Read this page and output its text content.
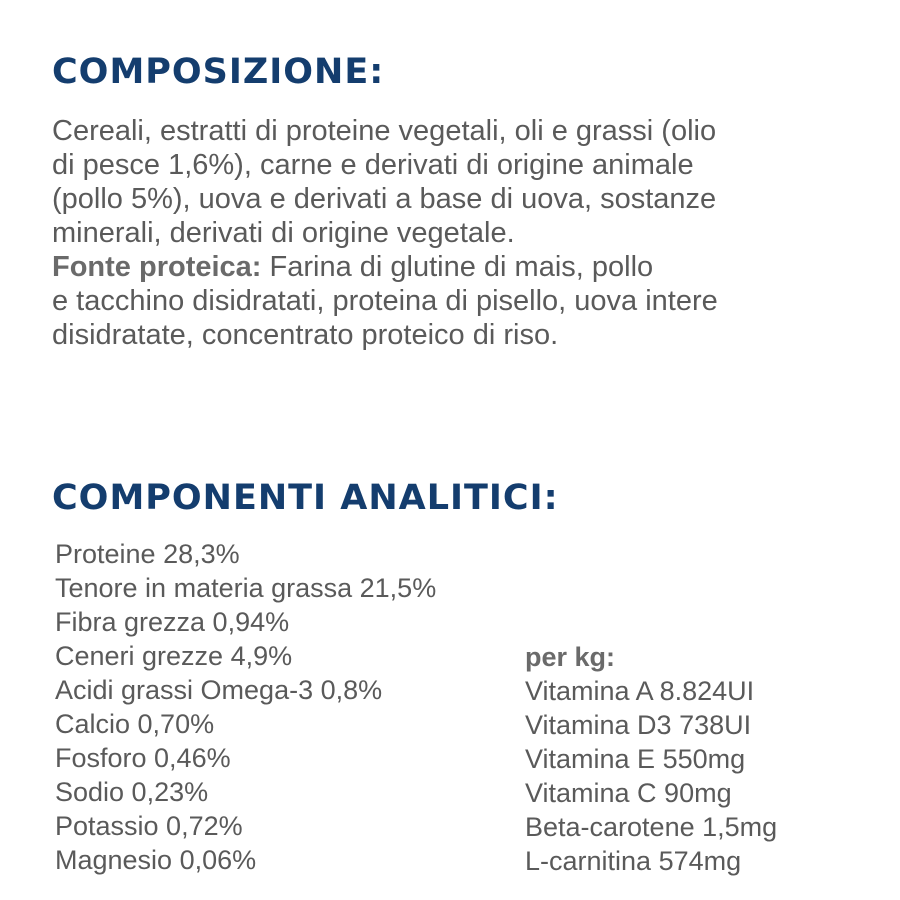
COMPOSIZIONE:

Cereali, estratti di proteine vegetali, oli e grassi (olio
di pesce 1,6%), carne e derivati di origine animale
(pollo 5%), uova e derivati a base di uova, sostanze
minerali, derivati di origine vegetale.
Fonte proteica: Farina di glutine di mais, pollo
e tacchino disidratati, proteina di pisello, uova intere
disidratate, concentrato proteico di riso.

COMPONENTI ANALITICI:
Proteine 28,3%
Tenore in materia grassa 21,5%
Fibra grezza 0,94%
Ceneri grezze 4,9%
Acidi grassi Omega-3 0,8%
Calcio 0,70%
Fosforo 0,46%
Sodio 0,23%
Potassio 0,72%
Magnesio 0,06%
per kg:
Vitamina A 8.824UI
Vitamina D3 738UI
Vitamina E 550mg
Vitamina C 90mg
Beta-carotene 1,5mg
L-carnitina 574mg
